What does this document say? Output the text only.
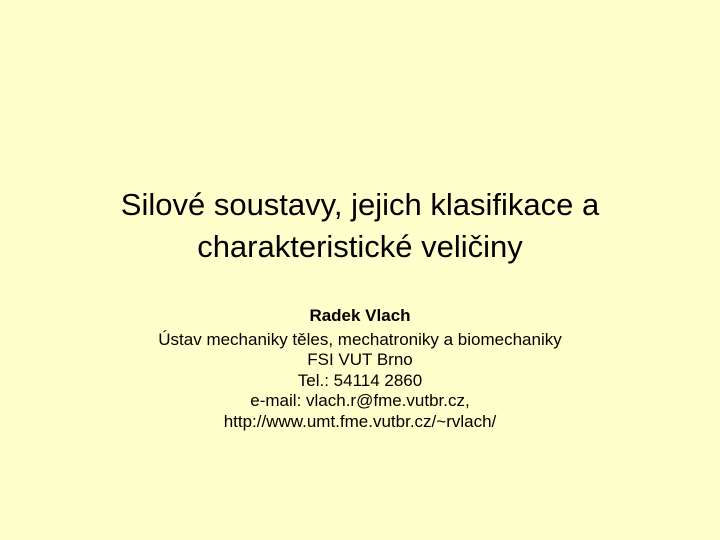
Silové soustavy, jejich klasifikace a
charakteristické veličiny
Radek Vlach
Ústav mechaniky těles, mechatroniky a biomechaniky
FSI VUT Brno
Tel.: 54114 2860
e-mail: vlach.r@fme.vutbr.cz,
http://www.umt.fme.vutbr.cz/~rvlach/
